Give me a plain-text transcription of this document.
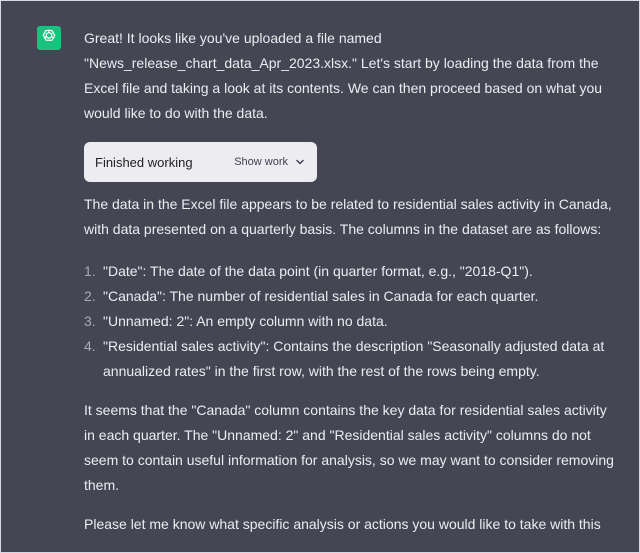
Great! It looks like you've uploaded a file named "News_release_chart_data_Apr_2023.xlsx." Let's start by loading the data from the Excel file and taking a look at its contents. We can then proceed based on what you would like to do with the data.

Finished working	Show work

The data in the Excel file appears to be related to residential sales activity in Canada, with data presented on a quarterly basis. The columns in the dataset are as follows:

1. "Date": The date of the data point (in quarter format, e.g., "2018-Q1").
2. "Canada": The number of residential sales in Canada for each quarter.
3. "Unnamed: 2": An empty column with no data.
4. "Residential sales activity": Contains the description "Seasonally adjusted data at annualized rates" in the first row, with the rest of the rows being empty.

It seems that the "Canada" column contains the key data for residential sales activity in each quarter. The "Unnamed: 2" and "Residential sales activity" columns do not seem to contain useful information for analysis, so we may want to consider removing them.

Please let me know what specific analysis or actions you would like to take with this
